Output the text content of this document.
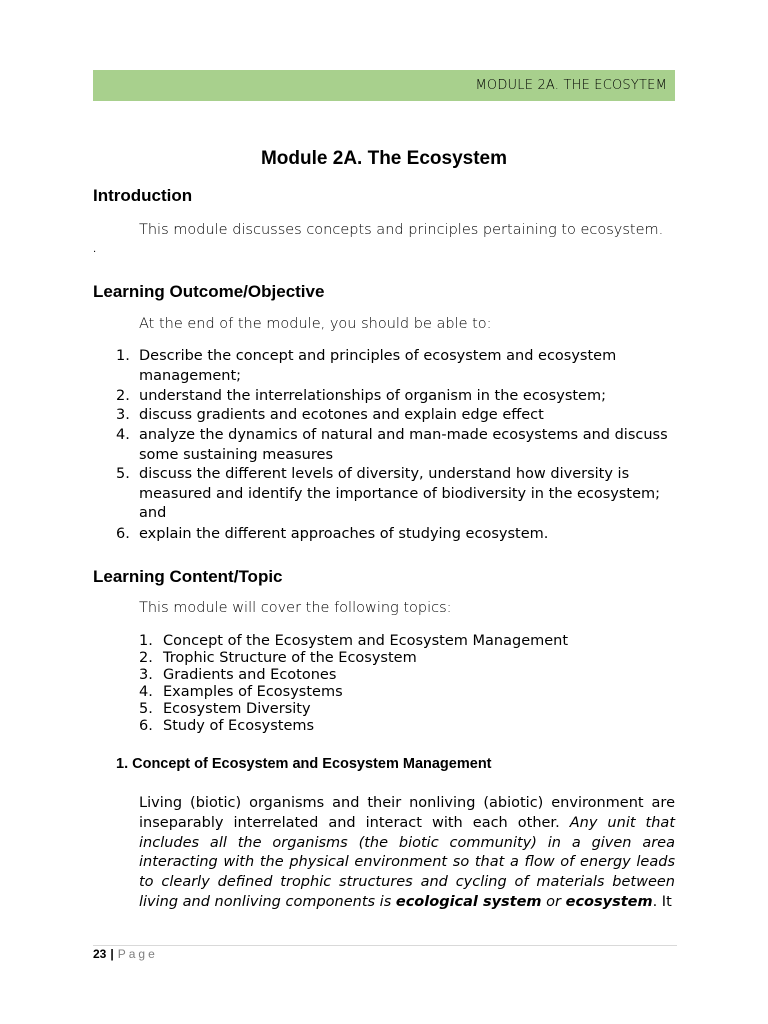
MODULE 2A. THE ECOSYTEM
Module 2A. The Ecosystem
Introduction
This module discusses concepts and principles pertaining to ecosystem.
.
Learning Outcome/Objective
At the end of the module, you should be able to:
1. Describe the concept and principles of ecosystem and ecosystem management;
2. understand the interrelationships of organism in the ecosystem;
3. discuss gradients and ecotones and explain edge effect
4. analyze the dynamics of natural and man-made ecosystems and discuss some sustaining measures
5. discuss the different levels of diversity, understand how diversity is measured and identify the importance of biodiversity in the ecosystem; and
6. explain the different approaches of studying ecosystem.
Learning Content/Topic
This module will cover the following topics:
1. Concept of the Ecosystem and Ecosystem Management
2. Trophic Structure of the Ecosystem
3. Gradients and Ecotones
4. Examples of Ecosystems
5. Ecosystem Diversity
6. Study of Ecosystems
1. Concept of Ecosystem and Ecosystem Management
Living (biotic) organisms and their nonliving (abiotic) environment are inseparably interrelated and interact with each other. Any unit that includes all the organisms (the biotic community) in a given area interacting with the physical environment so that a flow of energy leads to clearly defined trophic structures and cycling of materials between living and nonliving components is ecological system or ecosystem. It
23 | Page
